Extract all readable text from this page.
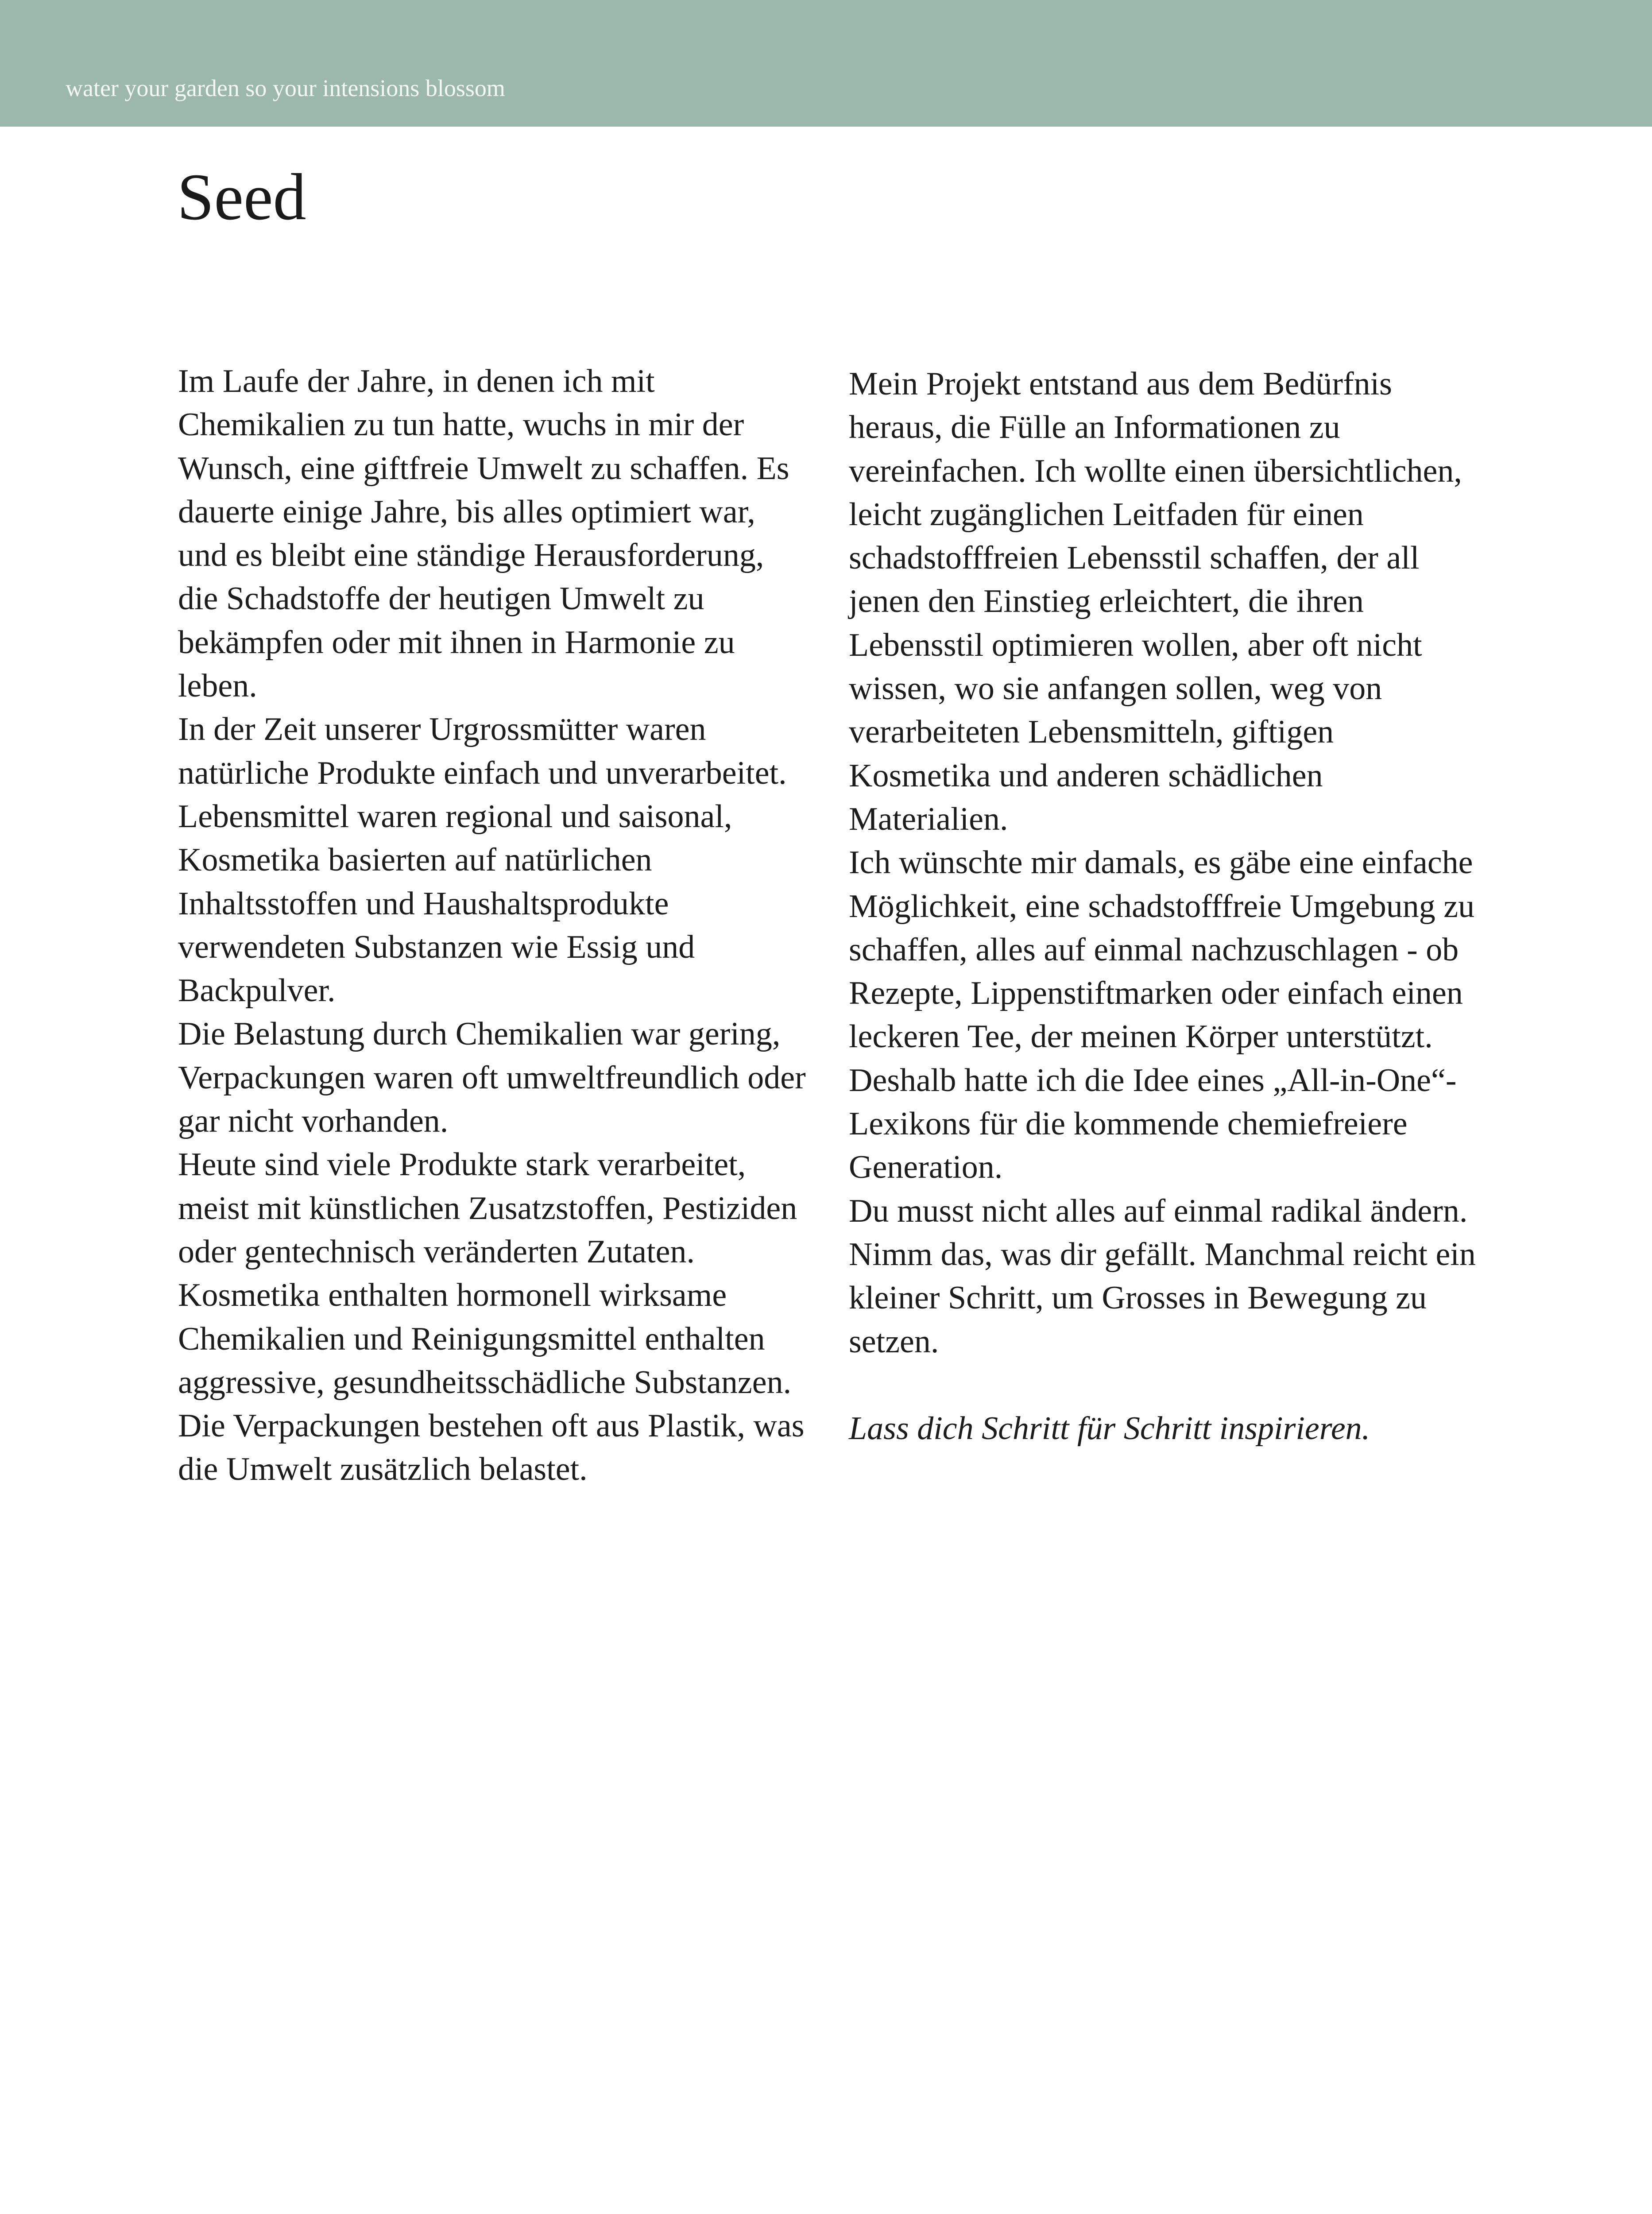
water your garden so your intensions blossom
Seed

Im Laufe der Jahre, in denen ich mit Chemikalien zu tun hatte, wuchs in mir der Wunsch, eine giftfreie Umwelt zu schaffen. Es dauerte einige Jahre, bis alles optimiert war, und es bleibt eine ständige Herausforderung, die Schadstoffe der heutigen Umwelt zu bekämpfen oder mit ihnen in Harmonie zu leben.

In der Zeit unserer Urgrossmütter waren natürliche Produkte einfach und unverarbeitet. Lebensmittel waren regional und saisonal, Kosmetika basierten auf natürlichen Inhaltsstoffen und Haushaltsprodukte verwendeten Substanzen wie Essig und Backpulver.

Die Belastung durch Chemikalien war gering, Verpackungen waren oft umweltfreundlich oder gar nicht vorhanden.

Heute sind viele Produkte stark verarbeitet, meist mit künstlichen Zusatzstoffen, Pestiziden oder gentechnisch veränderten Zutaten.

Kosmetika enthalten hormonell wirksame Chemikalien und Reinigungsmittel enthalten aggressive, gesundheitsschädliche Substanzen. Die Verpackungen bestehen oft aus Plastik, was die Umwelt zusätzlich belastet.

Mein Projekt entstand aus dem Bedürfnis heraus, die Fülle an Informationen zu vereinfachen. Ich wollte einen übersichtlichen, leicht zugänglichen Leitfaden für einen schadstofffreien Lebensstil schaffen, der all jenen den Einstieg erleichtert, die ihren Lebensstil optimieren wollen, aber oft nicht wissen, wo sie anfangen sollen, weg von verarbeiteten Lebensmitteln, giftigen Kosmetika und anderen schädlichen Materialien.

Ich wünschte mir damals, es gäbe eine einfache Möglichkeit, eine schadstofffreie Umgebung zu schaffen, alles auf einmal nachzuschlagen - ob Rezepte, Lippenstiftmarken oder einfach einen leckeren Tee, der meinen Körper unterstützt.

Deshalb hatte ich die Idee eines „All-in-One“-Lexikons für die kommende chemiefreiere Generation.

Du musst nicht alles auf einmal radikal ändern.

Nimm das, was dir gefällt. Manchmal reicht ein kleiner Schritt, um Grosses in Bewegung zu setzen.

Lass dich Schritt für Schritt inspirieren.
